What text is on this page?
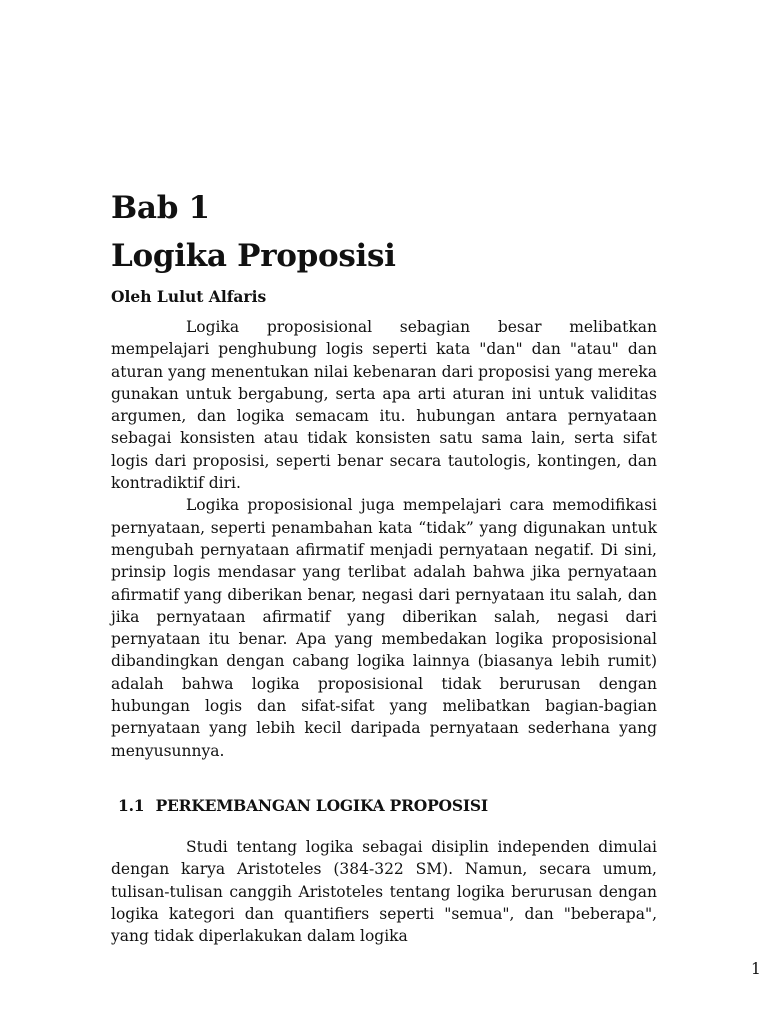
Bab 1
Logika Proposisi
Oleh Lulut Alfaris

Logika proposisional sebagian besar melibatkan mempelajari penghubung logis seperti kata "dan" dan "atau" dan aturan yang menentukan nilai kebenaran dari proposisi yang mereka gunakan untuk bergabung, serta apa arti aturan ini untuk validitas argumen, dan logika semacam itu. hubungan antara pernyataan sebagai konsisten atau tidak konsisten satu sama lain, serta sifat logis dari proposisi, seperti benar secara tautologis, kontingen, dan kontradiktif diri.

Logika proposisional juga mempelajari cara memodifikasi pernyataan, seperti penambahan kata “tidak” yang digunakan untuk mengubah pernyataan afirmatif menjadi pernyataan negatif. Di sini, prinsip logis mendasar yang terlibat adalah bahwa jika pernyataan afirmatif yang diberikan benar, negasi dari pernyataan itu salah, dan jika pernyataan afirmatif yang diberikan salah, negasi dari pernyataan itu benar. Apa yang membedakan logika proposisional dibandingkan dengan cabang logika lainnya (biasanya lebih rumit) adalah bahwa logika proposisional tidak berurusan dengan hubungan logis dan sifat-sifat yang melibatkan bagian-bagian pernyataan yang lebih kecil daripada pernyataan sederhana yang menyusunnya.

1.1 PERKEMBANGAN LOGIKA PROPOSISI

Studi tentang logika sebagai disiplin independen dimulai dengan karya Aristoteles (384-322 SM). Namun, secara umum, tulisan-tulisan canggih Aristoteles tentang logika berurusan dengan logika kategori dan quantifiers seperti "semua", dan "beberapa", yang tidak diperlakukan dalam logika

1
